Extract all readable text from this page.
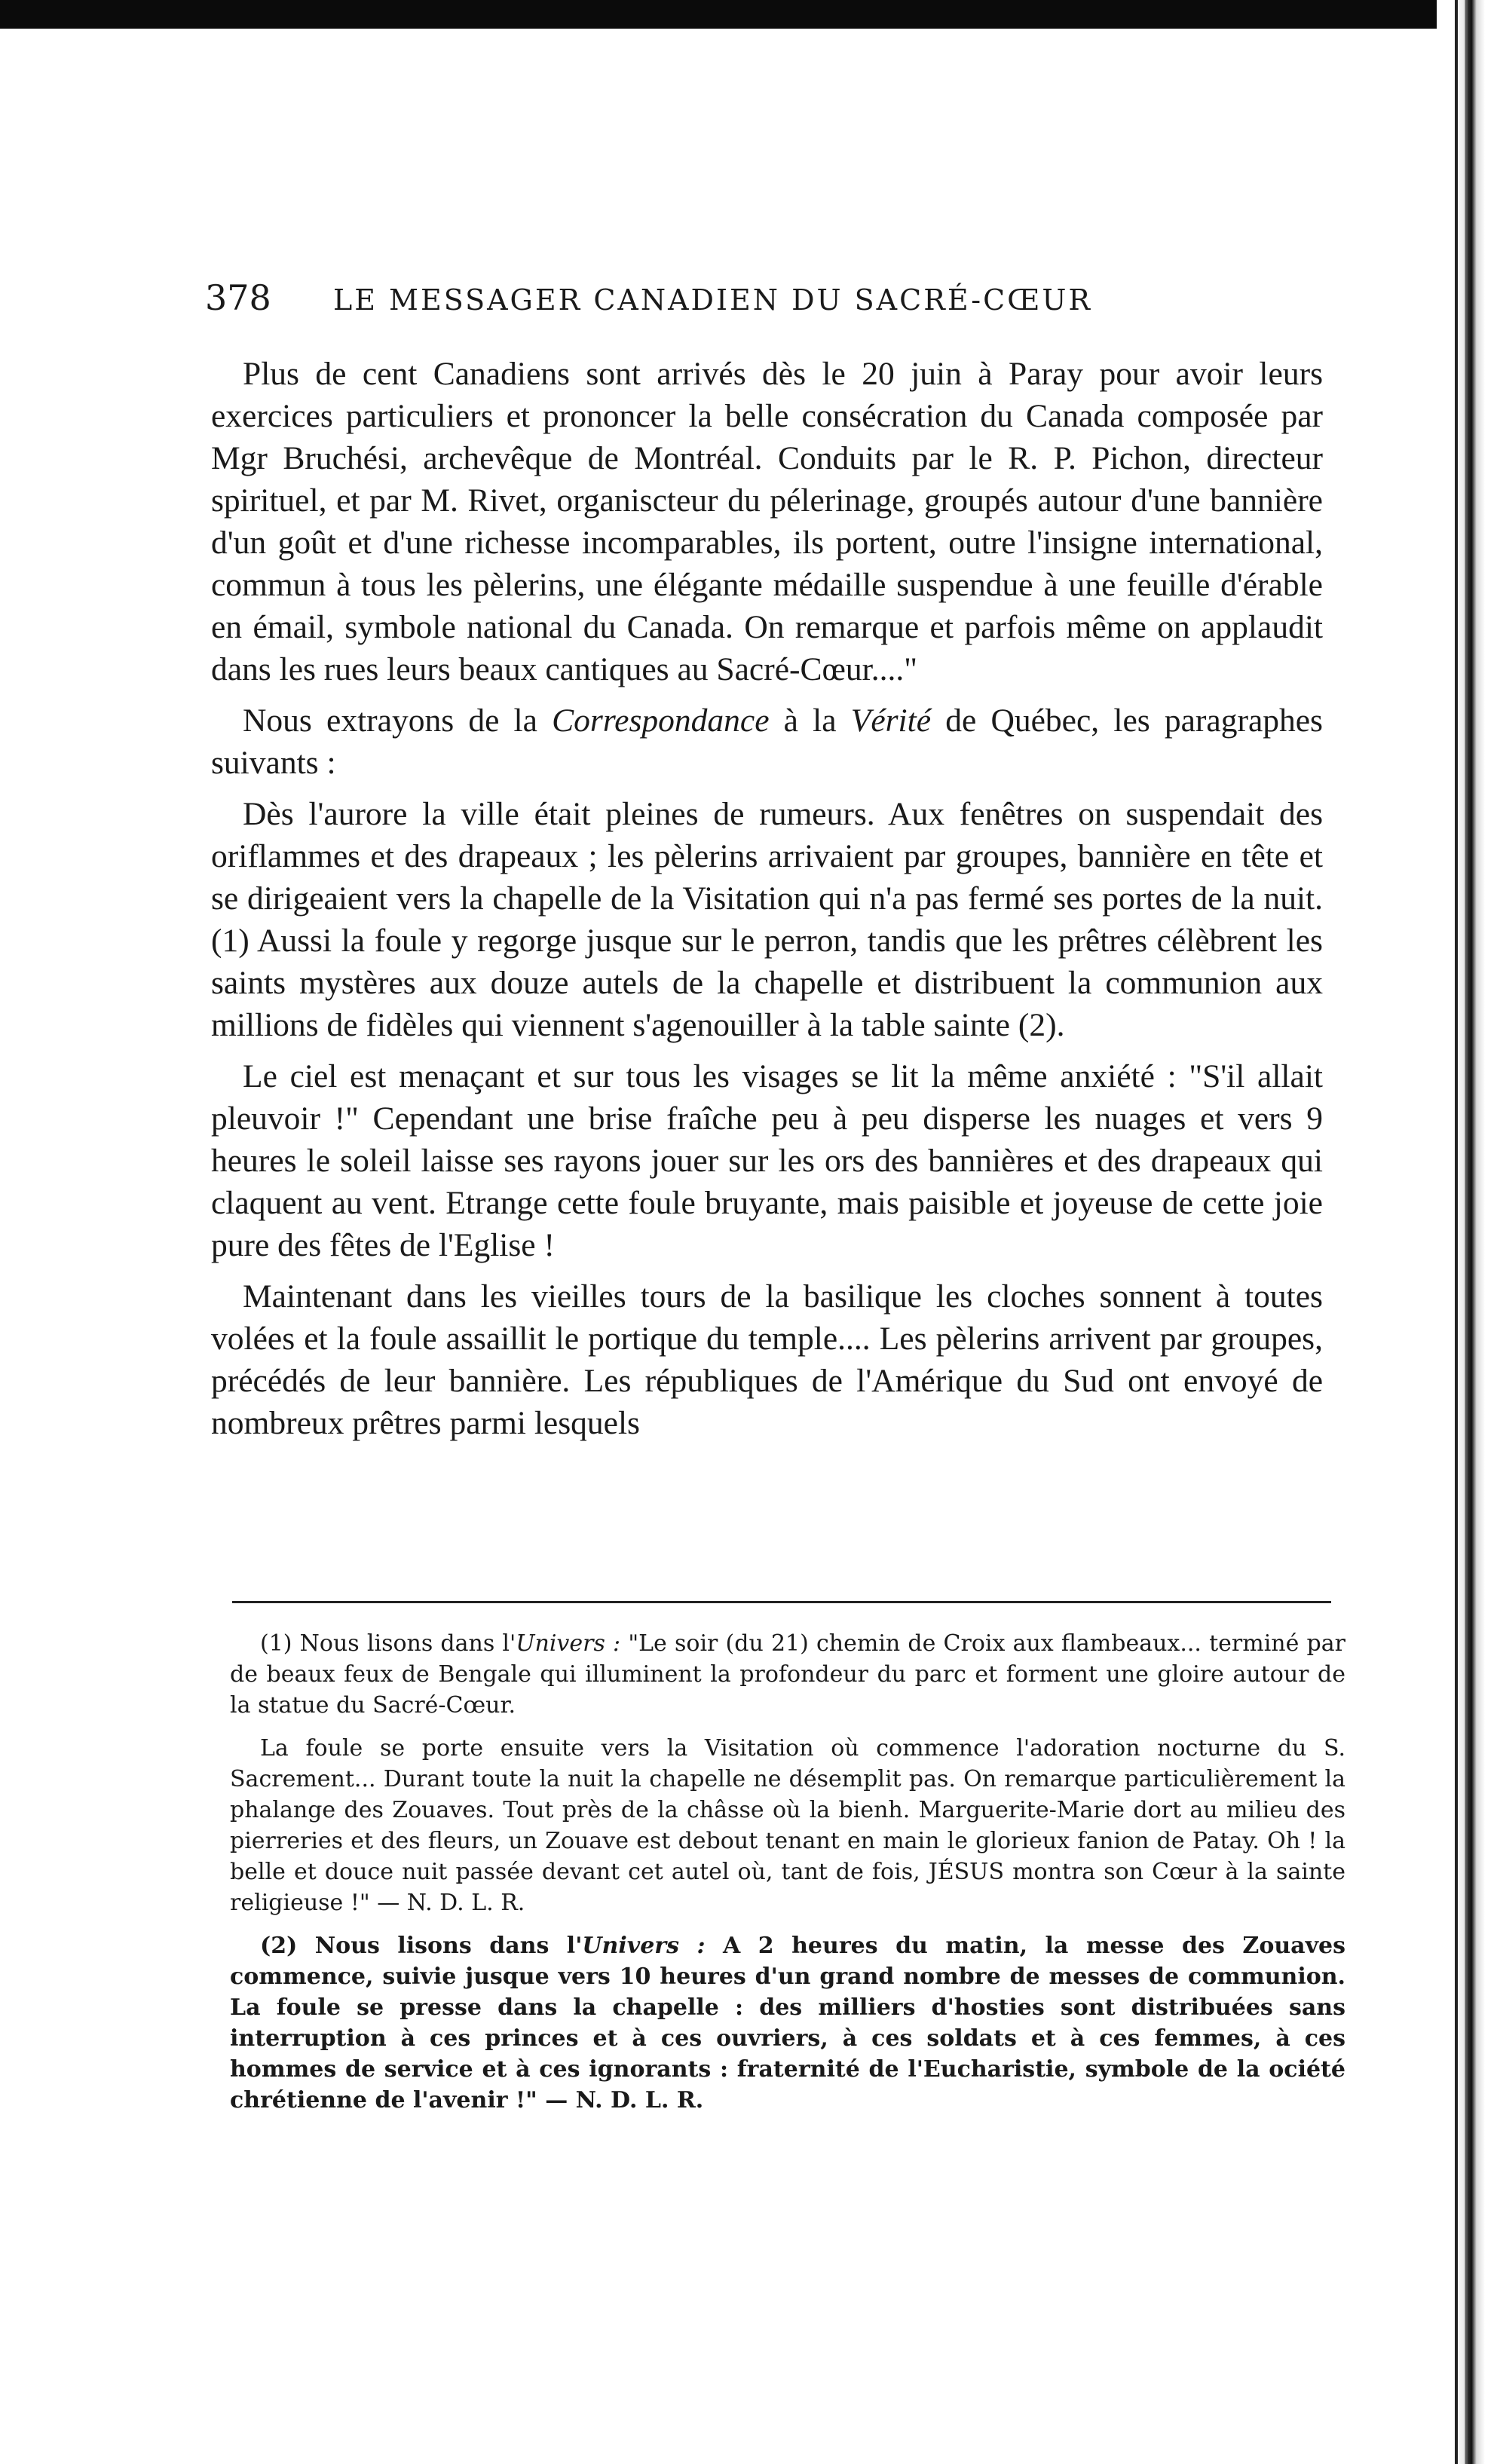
378 LE MESSAGER CANADIEN DU SACRÉ-CŒUR

Plus de cent Canadiens sont arrivés dès le 20 juin à Paray pour avoir leurs exercices particuliers et prononcer la belle consécration du Canada composée par Mgr Bruchési, archevêque de Montréal. Conduits par le R. P. Pichon, directeur spirituel, et par M. Rivet, organiscteur du pélerinage, groupés autour d'une bannière d'un goût et d'une richesse incomparables, ils portent, outre l'insigne international, commun à tous les pèlerins, une élégante médaille suspendue à une feuille d'érable en émail, symbole national du Canada. On remarque et parfois même on applaudit dans les rues leurs beaux cantiques au Sacré-Cœur...."

Nous extrayons de la Correspondance à la Vérité de Québec, les paragraphes suivants :

Dès l'aurore la ville était pleines de rumeurs. Aux fenêtres on suspendait des oriflammes et des drapeaux ; les pèlerins arrivaient par groupes, bannière en tête et se dirigeaient vers la chapelle de la Visitation qui n'a pas fermé ses portes de la nuit. (1) Aussi la foule y regorge jusque sur le perron, tandis que les prêtres célèbrent les saints mystères aux douze autels de la chapelle et distribuent la communion aux millions de fidèles qui viennent s'agenouiller à la table sainte (2).

Le ciel est menaçant et sur tous les visages se lit la même anxiété : "S'il allait pleuvoir !" Cependant une brise fraîche peu à peu disperse les nuages et vers 9 heures le soleil laisse ses rayons jouer sur les ors des bannières et des drapeaux qui claquent au vent. Etrange cette foule bruyante, mais paisible et joyeuse de cette joie pure des fêtes de l'Eglise !

Maintenant dans les vieilles tours de la basilique les cloches sonnent à toutes volées et la foule assaillit le portique du temple.... Les pèlerins arrivent par groupes, précédés de leur bannière. Les républiques de l'Amérique du Sud ont envoyé de nombreux prêtres parmi lesquels

(1) Nous lisons dans l'Univers : "Le soir (du 21) chemin de Croix aux flambeaux... terminé par de beaux feux de Bengale qui illuminent la profondeur du parc et forment une gloire autour de la statue du Sacré-Cœur.

La foule se porte ensuite vers la Visitation où commence l'adoration nocturne du S. Sacrement... Durant toute la nuit la chapelle ne désemplit pas. On remarque particulièrement la phalange des Zouaves. Tout près de la châsse où la bienh. Marguerite-Marie dort au milieu des pierreries et des fleurs, un Zouave est debout tenant en main le glorieux fanion de Patay. Oh ! la belle et douce nuit passée devant cet autel où, tant de fois, JÉSUS montra son Cœur à la sainte religieuse !" — N. D. L. R.

(2) Nous lisons dans l'Univers : A 2 heures du matin, la messe des Zouaves commence, suivie jusque vers 10 heures d'un grand nombre de messes de communion. La foule se presse dans la chapelle : des milliers d'hosties sont distribuées sans interruption à ces princes et à ces ouvriers, à ces soldats et à ces femmes, à ces hommes de service et à ces ignorants : fraternité de l'Eucharistie, symbole de la ociété chrétienne de l'avenir !" — N. D. L. R.
